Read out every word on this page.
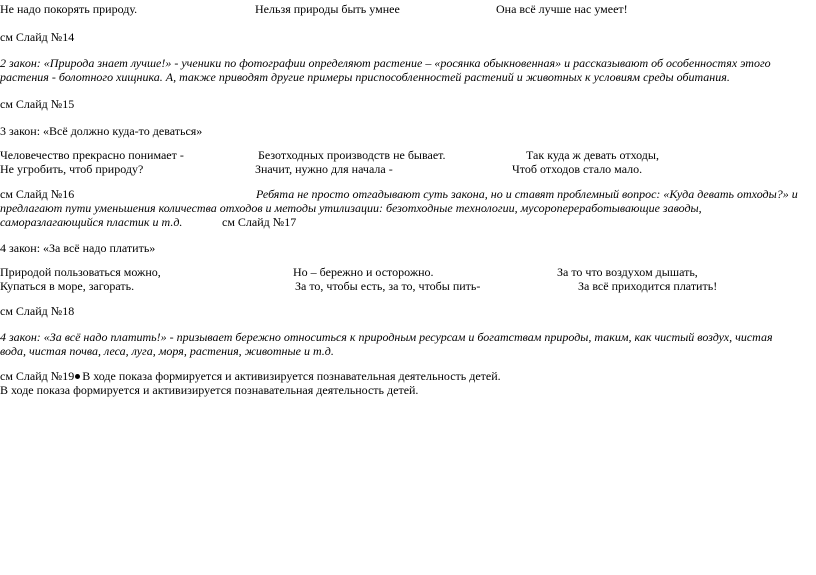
Не надо покорять природу.	Нельзя природы быть умнее	Она всё лучше нас умеет!
см Слайд №14
2 закон: «Природа знает лучше!» - ученики по фотографии определяют растение – «росянка обыкновенная» и рассказывают об особенностях этого
растения - болотного хищника. А, также приводят другие примеры приспособленностей растений и животных к условиям среды обитания.
см Слайд №15
3 закон: «Всё должно куда-то деваться»
Человечество прекрасно понимает -	Безотходных производств не бывает.	Так куда ж девать отходы,
Не угробить, чтоб природу?	Значит, нужно для начала -	Чтоб отходов стало мало.
см Слайд №16	Ребята не просто отгадывают суть закона, но и ставят проблемный вопрос: «Куда девать отходы?» и
предлагают пути уменьшения количества отходов и методы утилизации: безотходные технологии, мусоропереработывающие заводы,
саморазлагающийся пластик и т.д.	см Слайд №17
4 закон: «За всё надо платить»
Природой пользоваться можно,	Но – бережно и осторожно.	За то что воздухом дышать,
Купаться в море, загорать.	За то, чтобы есть, за то, чтобы пить-	За всё приходится платить!
см Слайд №18
4 закон: «За всё надо платить!» - призывает бережно относиться к природным ресурсам и богатствам природы, таким, как чистый воздух, чистая
вода, чистая почва, леса, луга, моря, растения, животные и т.д.
см Слайд №19 В ходе показа формируется и активизируется познавательная деятельность детей.
В ходе показа формируется и активизируется познавательная деятельность детей.
